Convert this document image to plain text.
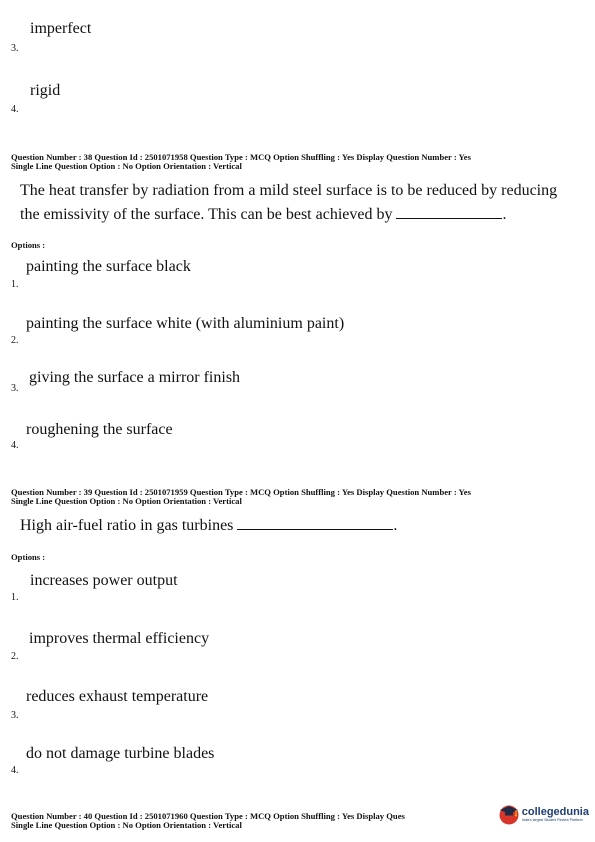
imperfect
3.
rigid
4.
Question Number : 38 Question Id : 2501071958 Question Type : MCQ Option Shuffling : Yes Display Question Number : Yes
Single Line Question Option : No Option Orientation : Vertical
The heat transfer by radiation from a mild steel surface is to be reduced by reducing
the emissivity of the surface. This can be best achieved by	.
Options :
painting the surface black
1.
painting the surface white (with aluminium paint)
2.
giving the surface a mirror finish
3.
roughening the surface
4.
Question Number : 39 Question Id : 2501071959 Question Type : MCQ Option Shuffling : Yes Display Question Number : Yes
Single Line Question Option : No Option Orientation : Vertical
High air-fuel ratio in gas turbines	.
Options :
increases power output
1.
improves thermal efficiency
2.
reduces exhaust temperature
3.
do not damage turbine blades
4.
Question Number : 40 Question Id : 2501071960 Question Type : MCQ Option Shuffling : Yes Display Ques
Single Line Question Option : No Option Orientation : Vertical
collegedunia
India's largest Student Review Platform
